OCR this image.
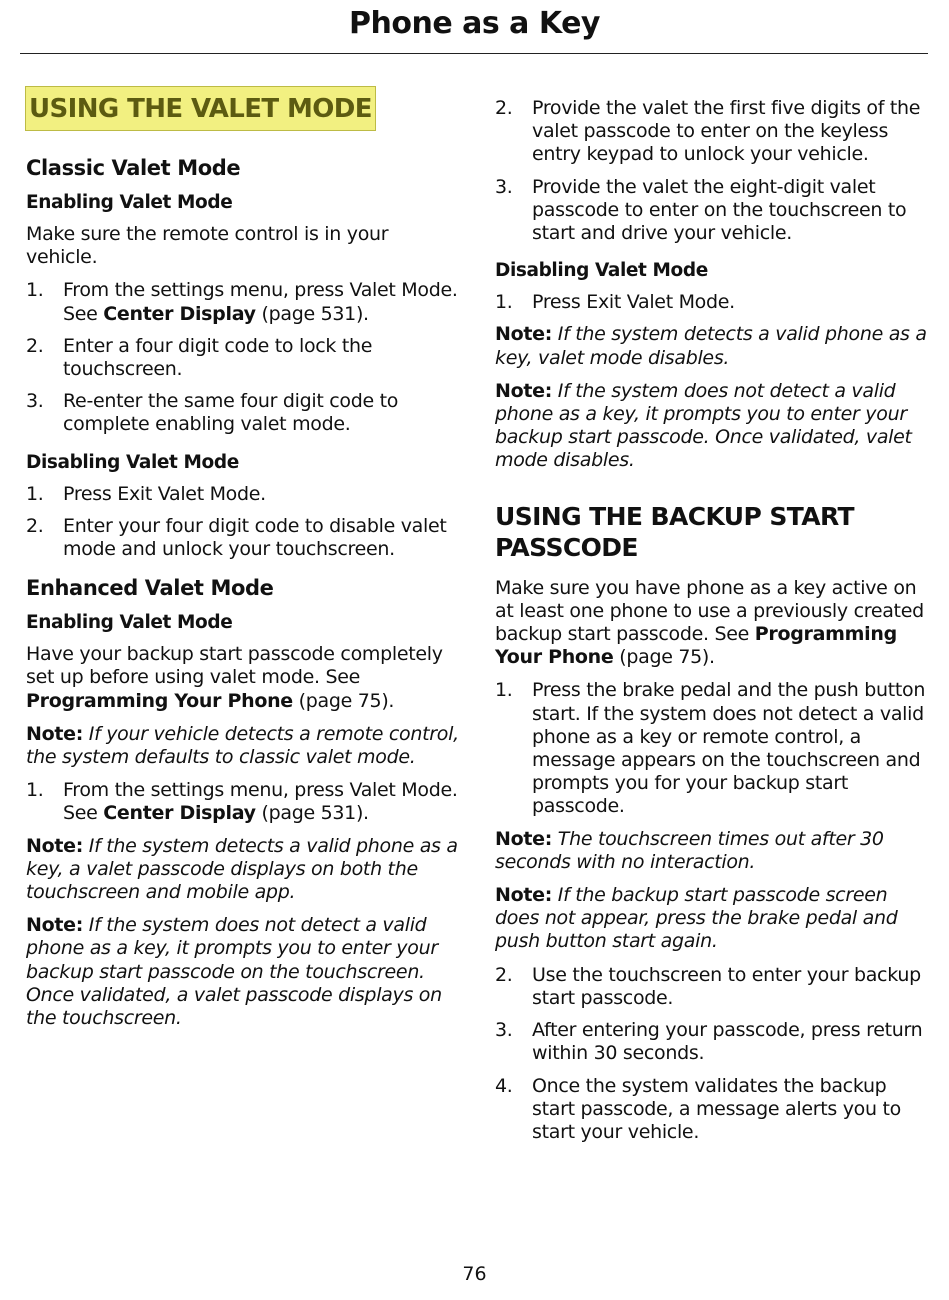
Phone as a Key
USING THE VALET MODE
Classic Valet Mode
Enabling Valet Mode
Make sure the remote control is in your vehicle.
1. From the settings menu, press Valet Mode. See Center Display (page 531).
2. Enter a four digit code to lock the touchscreen.
3. Re-enter the same four digit code to complete enabling valet mode.
Disabling Valet Mode
1. Press Exit Valet Mode.
2. Enter your four digit code to disable valet mode and unlock your touchscreen.
Enhanced Valet Mode
Enabling Valet Mode
Have your backup start passcode completely set up before using valet mode. See Programming Your Phone (page 75).
Note: If your vehicle detects a remote control, the system defaults to classic valet mode.
1. From the settings menu, press Valet Mode. See Center Display (page 531).
Note: If the system detects a valid phone as a key, a valet passcode displays on both the touchscreen and mobile app.
Note: If the system does not detect a valid phone as a key, it prompts you to enter your backup start passcode on the touchscreen. Once validated, a valet passcode displays on the touchscreen.
2. Provide the valet the first five digits of the valet passcode to enter on the keyless entry keypad to unlock your vehicle.
3. Provide the valet the eight-digit valet passcode to enter on the touchscreen to start and drive your vehicle.
Disabling Valet Mode
1. Press Exit Valet Mode.
Note: If the system detects a valid phone as a key, valet mode disables.
Note: If the system does not detect a valid phone as a key, it prompts you to enter your backup start passcode. Once validated, valet mode disables.
USING THE BACKUP START PASSCODE
Make sure you have phone as a key active on at least one phone to use a previously created backup start passcode. See Programming Your Phone (page 75).
1. Press the brake pedal and the push button start. If the system does not detect a valid phone as a key or remote control, a message appears on the touchscreen and prompts you for your backup start passcode.
Note: The touchscreen times out after 30 seconds with no interaction.
Note: If the backup start passcode screen does not appear, press the brake pedal and push button start again.
2. Use the touchscreen to enter your backup start passcode.
3. After entering your passcode, press return within 30 seconds.
4. Once the system validates the backup start passcode, a message alerts you to start your vehicle.
76
